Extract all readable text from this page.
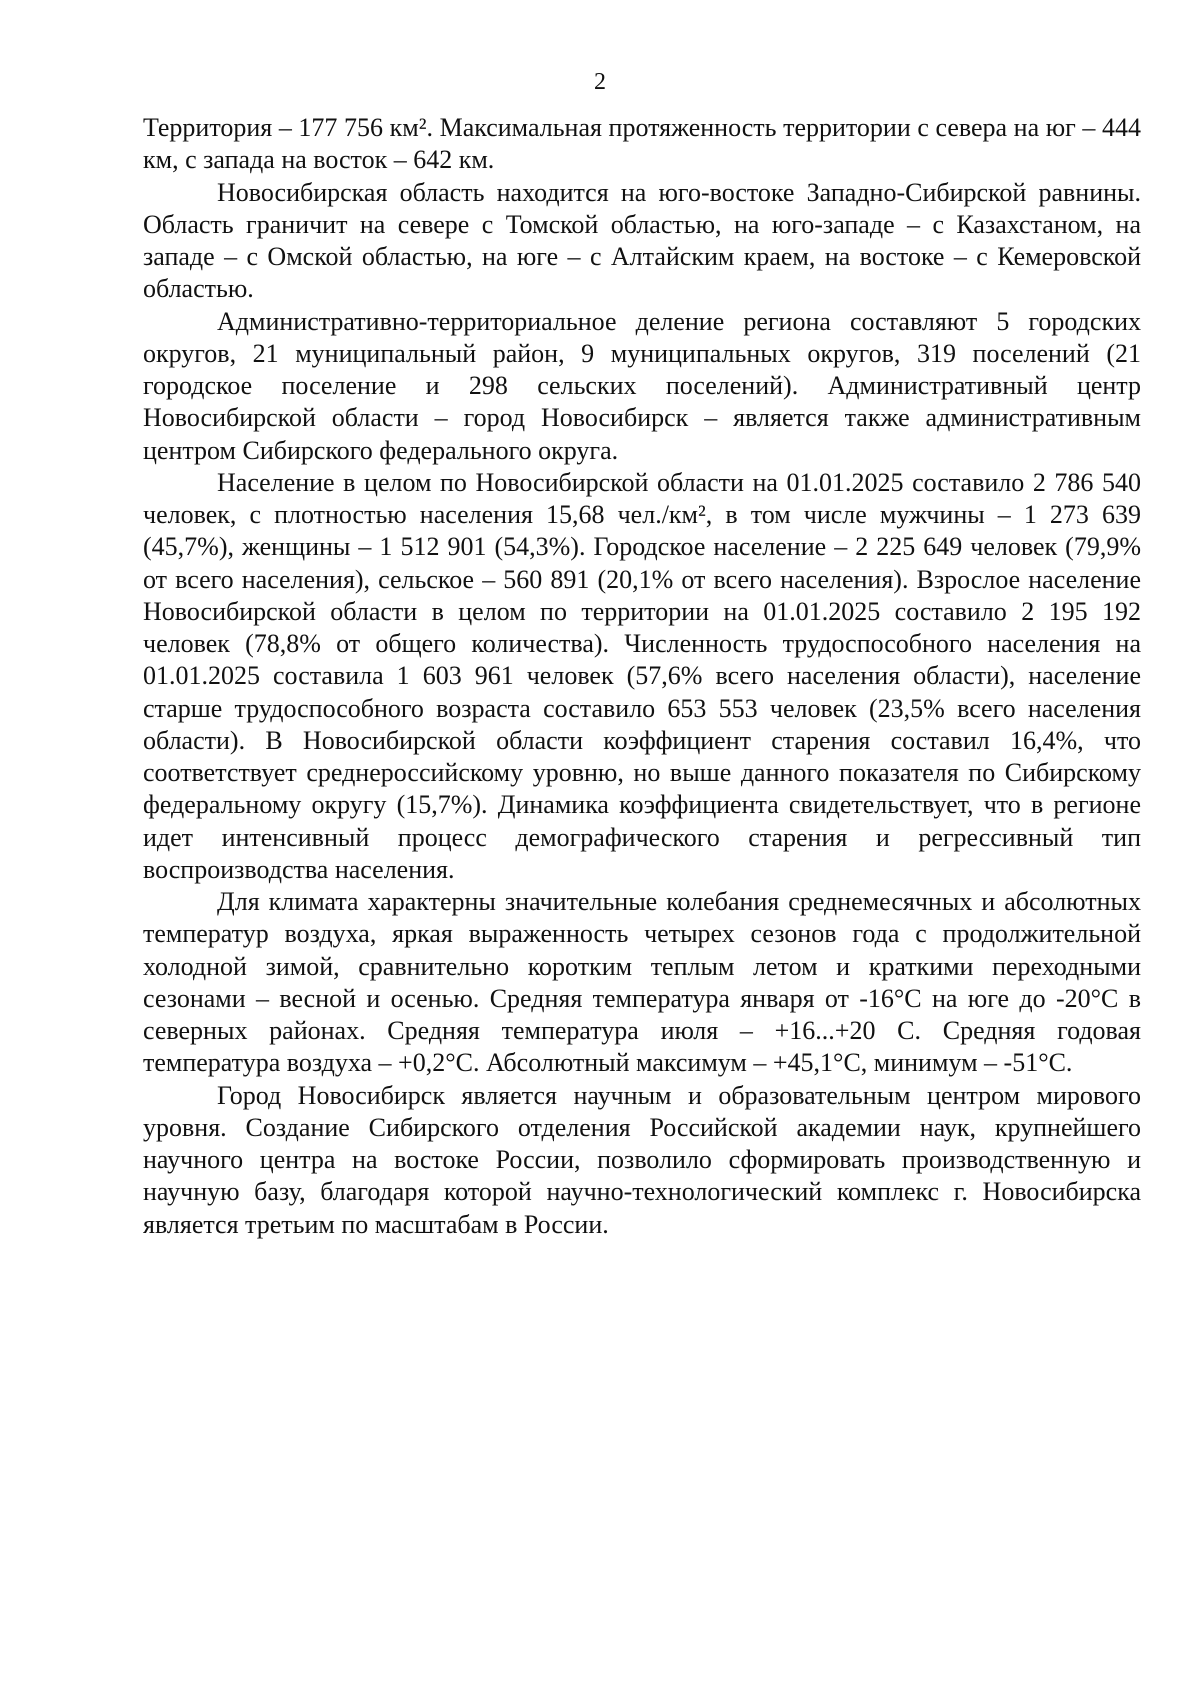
2

Территория – 177 756 км². Максимальная протяженность территории с севера на юг – 444 км, с запада на восток – 642 км.

Новосибирская область находится на юго-востоке Западно-Сибирской равнины. Область граничит на севере с Томской областью, на юго-западе – с Казахстаном, на западе – с Омской областью, на юге – с Алтайским краем, на востоке – с Кемеровской областью.

Административно-территориальное деление региона составляют 5 городских округов, 21 муниципальный район, 9 муниципальных округов, 319 поселений (21 городское поселение и 298 сельских поселений). Административный центр Новосибирской области – город Новосибирск – является также административным центром Сибирского федерального округа.

Население в целом по Новосибирской области на 01.01.2025 составило 2 786 540 человек, с плотностью населения 15,68 чел./км², в том числе мужчины – 1 273 639 (45,7%), женщины – 1 512 901 (54,3%). Городское население – 2 225 649 человек (79,9% от всего населения), сельское – 560 891 (20,1% от всего населения). Взрослое население Новосибирской области в целом по территории на 01.01.2025 составило 2 195 192 человек (78,8% от общего количества). Численность трудоспособного населения на 01.01.2025 составила 1 603 961 человек (57,6% всего населения области), население старше трудоспособного возраста составило 653 553 человек (23,5% всего населения области). В Новосибирской области коэффициент старения составил 16,4%, что соответствует среднероссийскому уровню, но выше данного показателя по Сибирскому федеральному округу (15,7%). Динамика коэффициента свидетельствует, что в регионе идет интенсивный процесс демографического старения и регрессивный тип воспроизводства населения.

Для климата характерны значительные колебания среднемесячных и абсолютных температур воздуха, яркая выраженность четырех сезонов года с продолжительной холодной зимой, сравнительно коротким теплым летом и краткими переходными сезонами – весной и осенью. Средняя температура января от -16°С на юге до -20°С в северных районах. Средняя температура июля – +16...+20 С. Средняя годовая температура воздуха – +0,2°С. Абсолютный максимум – +45,1°С, минимум – -51°С.

Город Новосибирск является научным и образовательным центром мирового уровня. Создание Сибирского отделения Российской академии наук, крупнейшего научного центра на востоке России, позволило сформировать производственную и научную базу, благодаря которой научно-технологический комплекс г. Новосибирска является третьим по масштабам в России.
